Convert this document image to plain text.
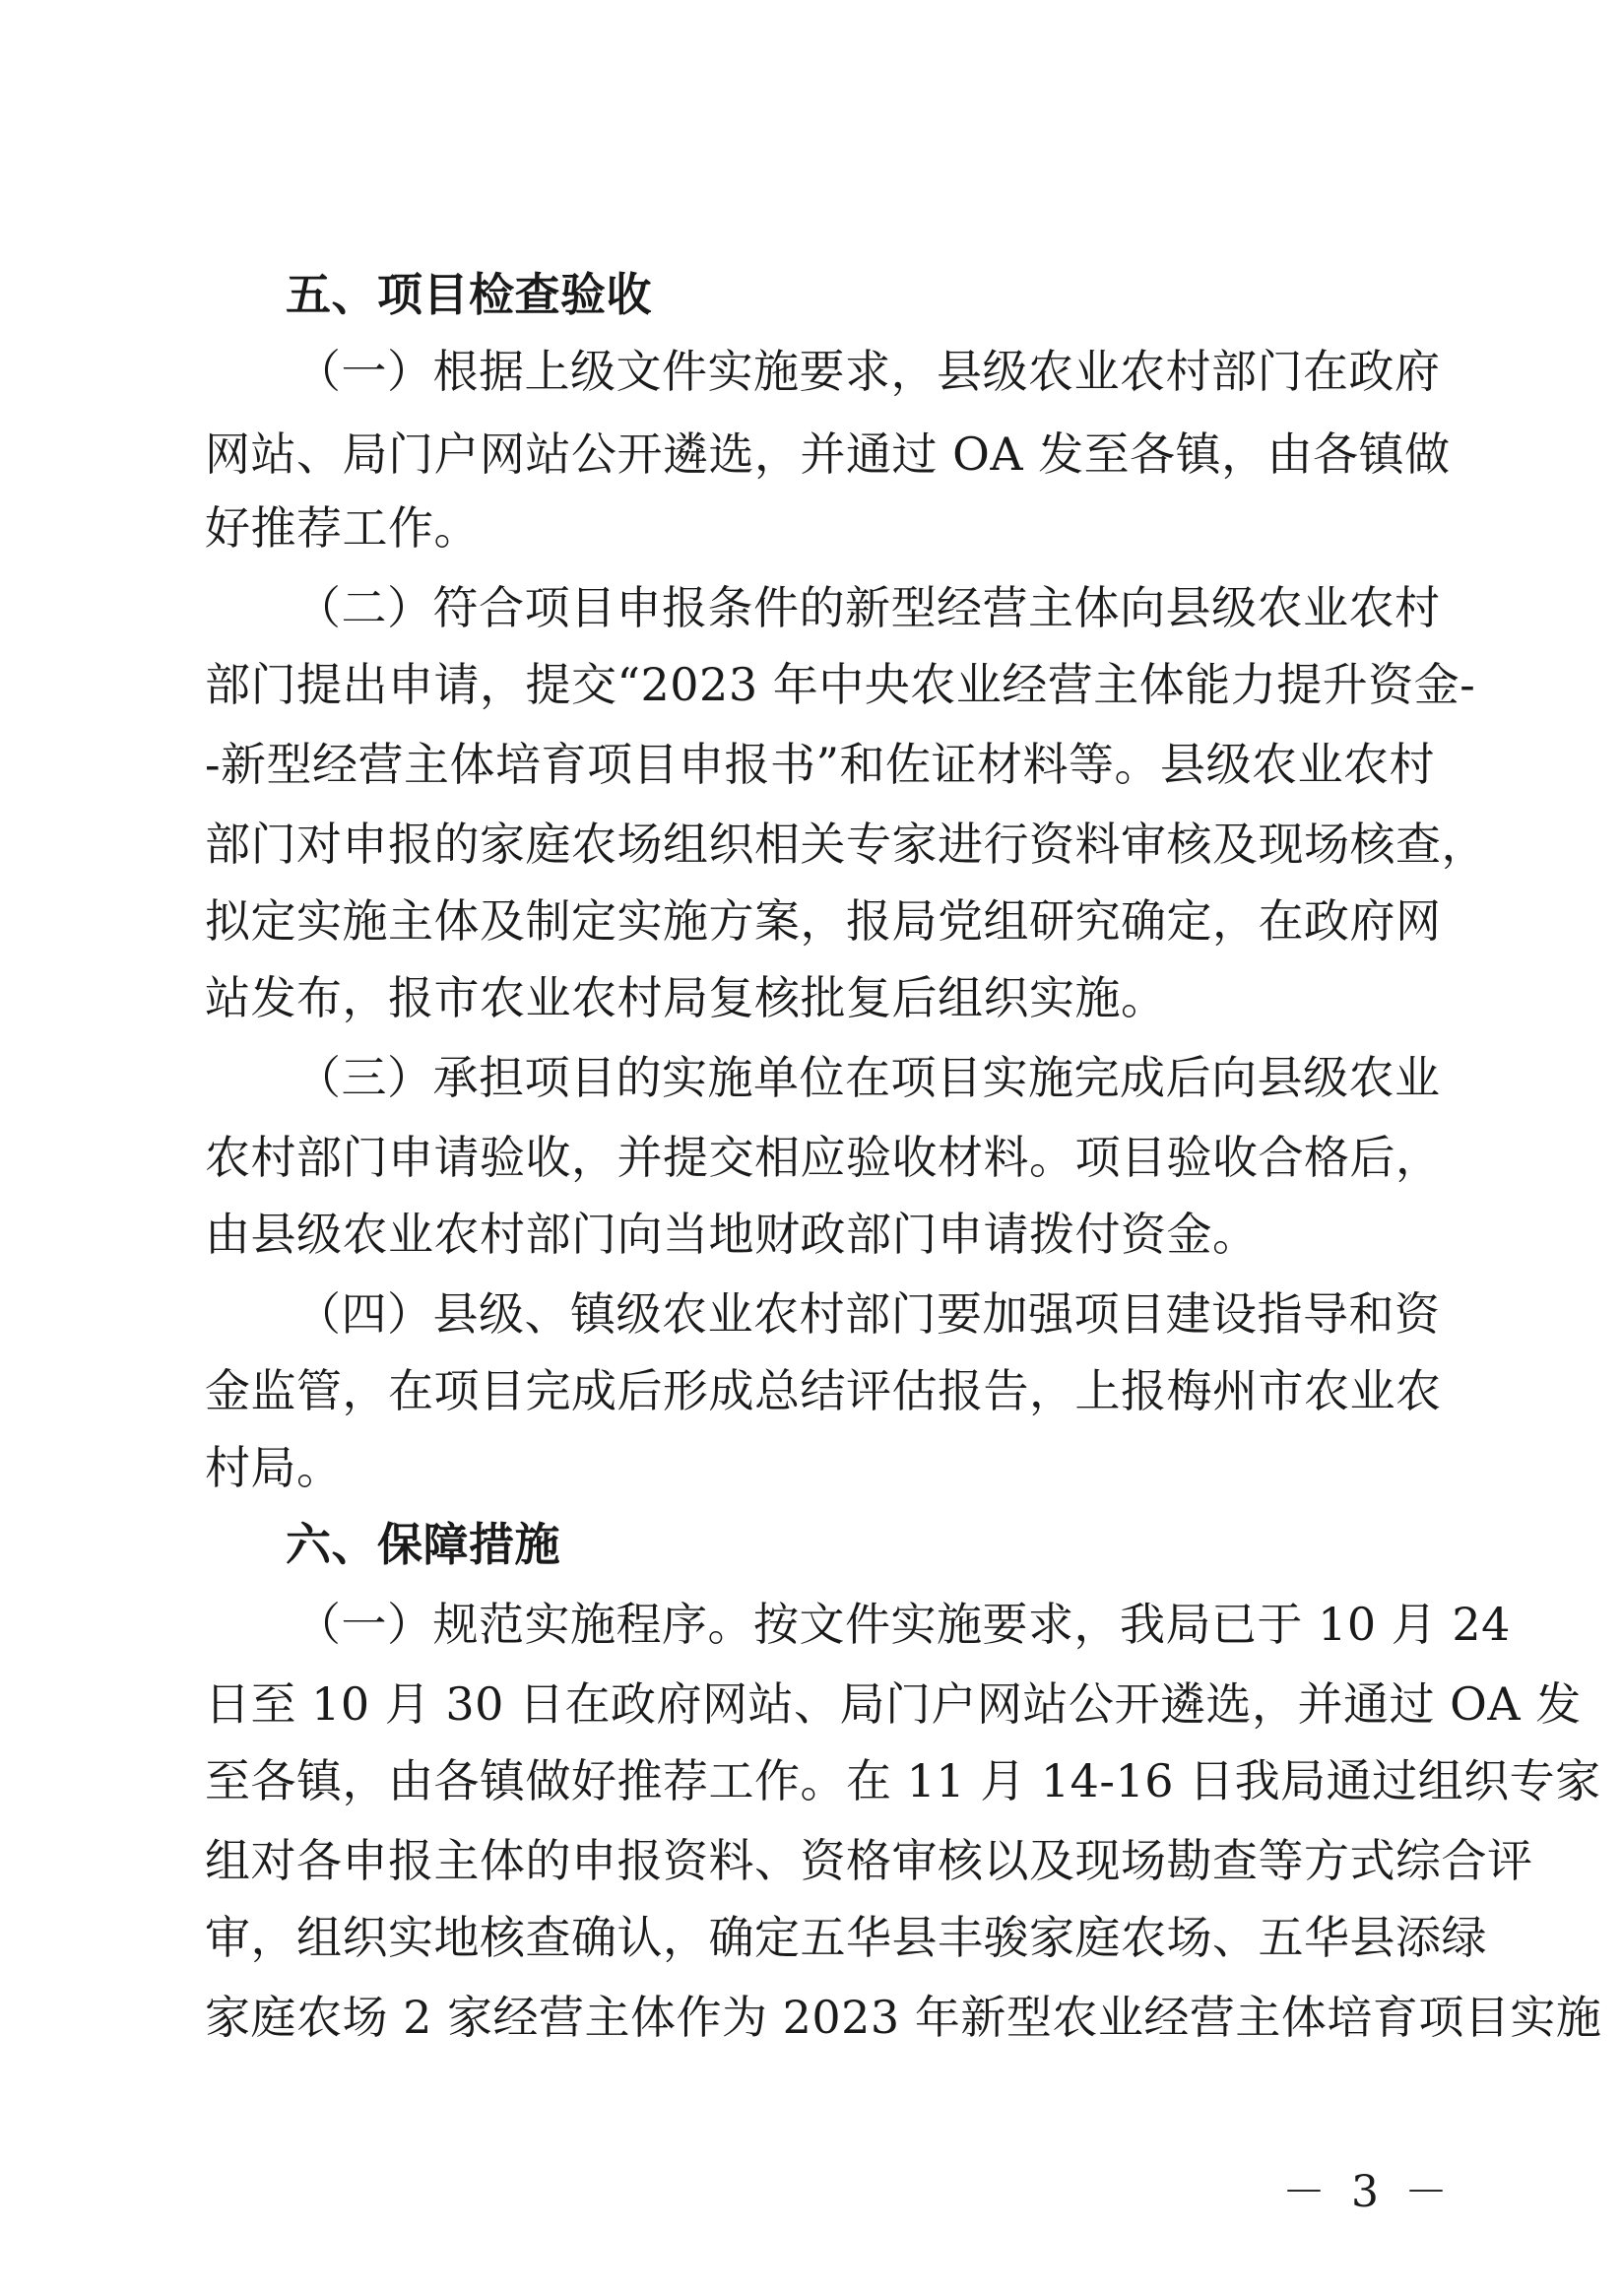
五、项目检查验收
（一）根据上级文件实施要求，县级农业农村部门在政府
网站、局门户网站公开遴选，并通过 OA 发至各镇，由各镇做
好推荐工作。
（二）符合项目申报条件的新型经营主体向县级农业农村
部门提出申请，提交“2023 年中央农业经营主体能力提升资金-
-新型经营主体培育项目申报书”和佐证材料等。县级农业农村
部门对申报的家庭农场组织相关专家进行资料审核及现场核查，
拟定实施主体及制定实施方案，报局党组研究确定，在政府网
站发布，报市农业农村局复核批复后组织实施。
（三）承担项目的实施单位在项目实施完成后向县级农业
农村部门申请验收，并提交相应验收材料。项目验收合格后，
由县级农业农村部门向当地财政部门申请拨付资金。
（四）县级、镇级农业农村部门要加强项目建设指导和资
金监管，在项目完成后形成总结评估报告，上报梅州市农业农
村局。
六、保障措施
（一）规范实施程序。按文件实施要求，我局已于 10 月 24
日至 10 月 30 日在政府网站、局门户网站公开遴选，并通过 OA 发
至各镇，由各镇做好推荐工作。在 11 月 14-16 日我局通过组织专家
组对各申报主体的申报资料、资格审核以及现场勘查等方式综合评
审，组织实地核查确认，确定五华县丰骏家庭农场、五华县添绿
家庭农场 2 家经营主体作为 2023 年新型农业经营主体培育项目实施
－ 3 －
